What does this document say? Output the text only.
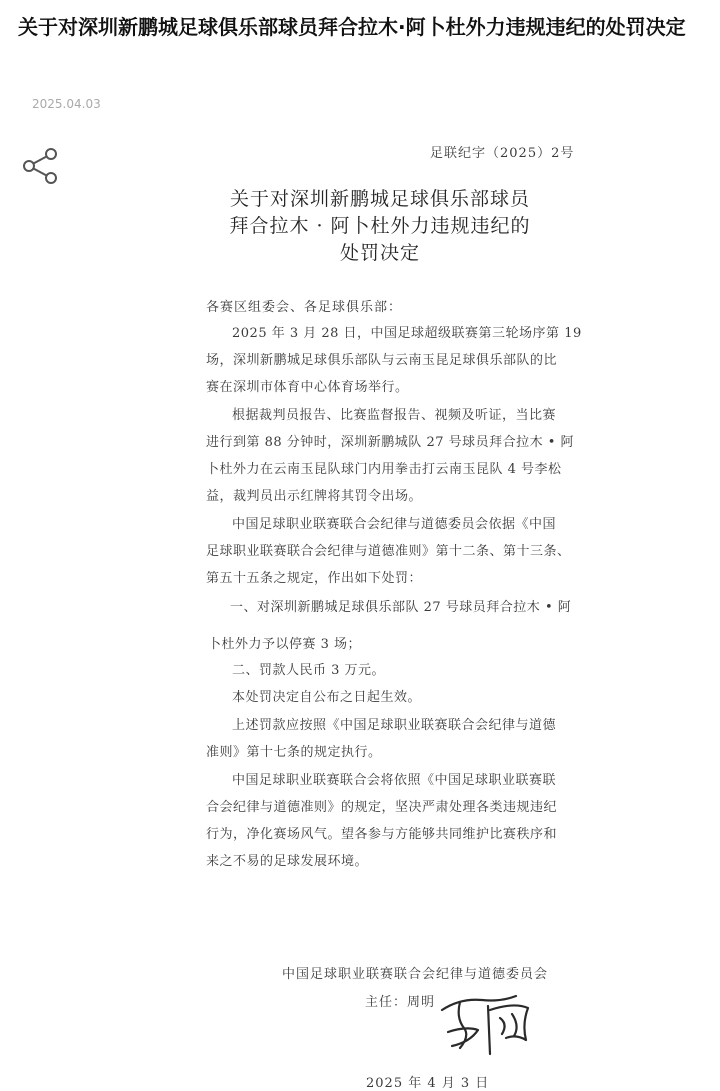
关于对深圳新鹏城足球俱乐部球员拜合拉木·阿卜杜外力违规违纪的处罚决定
2025.04.03
足联纪字（2025）2号
关于对深圳新鹏城足球俱乐部球员
拜合拉木 · 阿卜杜外力违规违纪的
处罚决定
各赛区组委会、各足球俱乐部：
2025 年 3 月 28 日，中国足球超级联赛第三轮场序第 19
场，深圳新鹏城足球俱乐部队与云南玉昆足球俱乐部队的比
赛在深圳市体育中心体育场举行。
根据裁判员报告、比赛监督报告、视频及听证，当比赛
进行到第 88 分钟时，深圳新鹏城队 27 号球员拜合拉木 • 阿
卜杜外力在云南玉昆队球门内用拳击打云南玉昆队 4 号李松
益，裁判员出示红牌将其罚令出场。
中国足球职业联赛联合会纪律与道德委员会依据《中国
足球职业联赛联合会纪律与道德准则》第十二条、第十三条、
第五十五条之规定，作出如下处罚：
一、对深圳新鹏城足球俱乐部队 27 号球员拜合拉木 • 阿
卜杜外力予以停赛 3 场；
二、罚款人民币 3 万元。
本处罚决定自公布之日起生效。
上述罚款应按照《中国足球职业联赛联合会纪律与道德
准则》第十七条的规定执行。
中国足球职业联赛联合会将依照《中国足球职业联赛联
合会纪律与道德准则》的规定，坚决严肃处理各类违规违纪
行为，净化赛场风气。望各参与方能够共同维护比赛秩序和
来之不易的足球发展环境。
中国足球职业联赛联合会纪律与道德委员会
主任：周明
2025 年 4 月 3 日
